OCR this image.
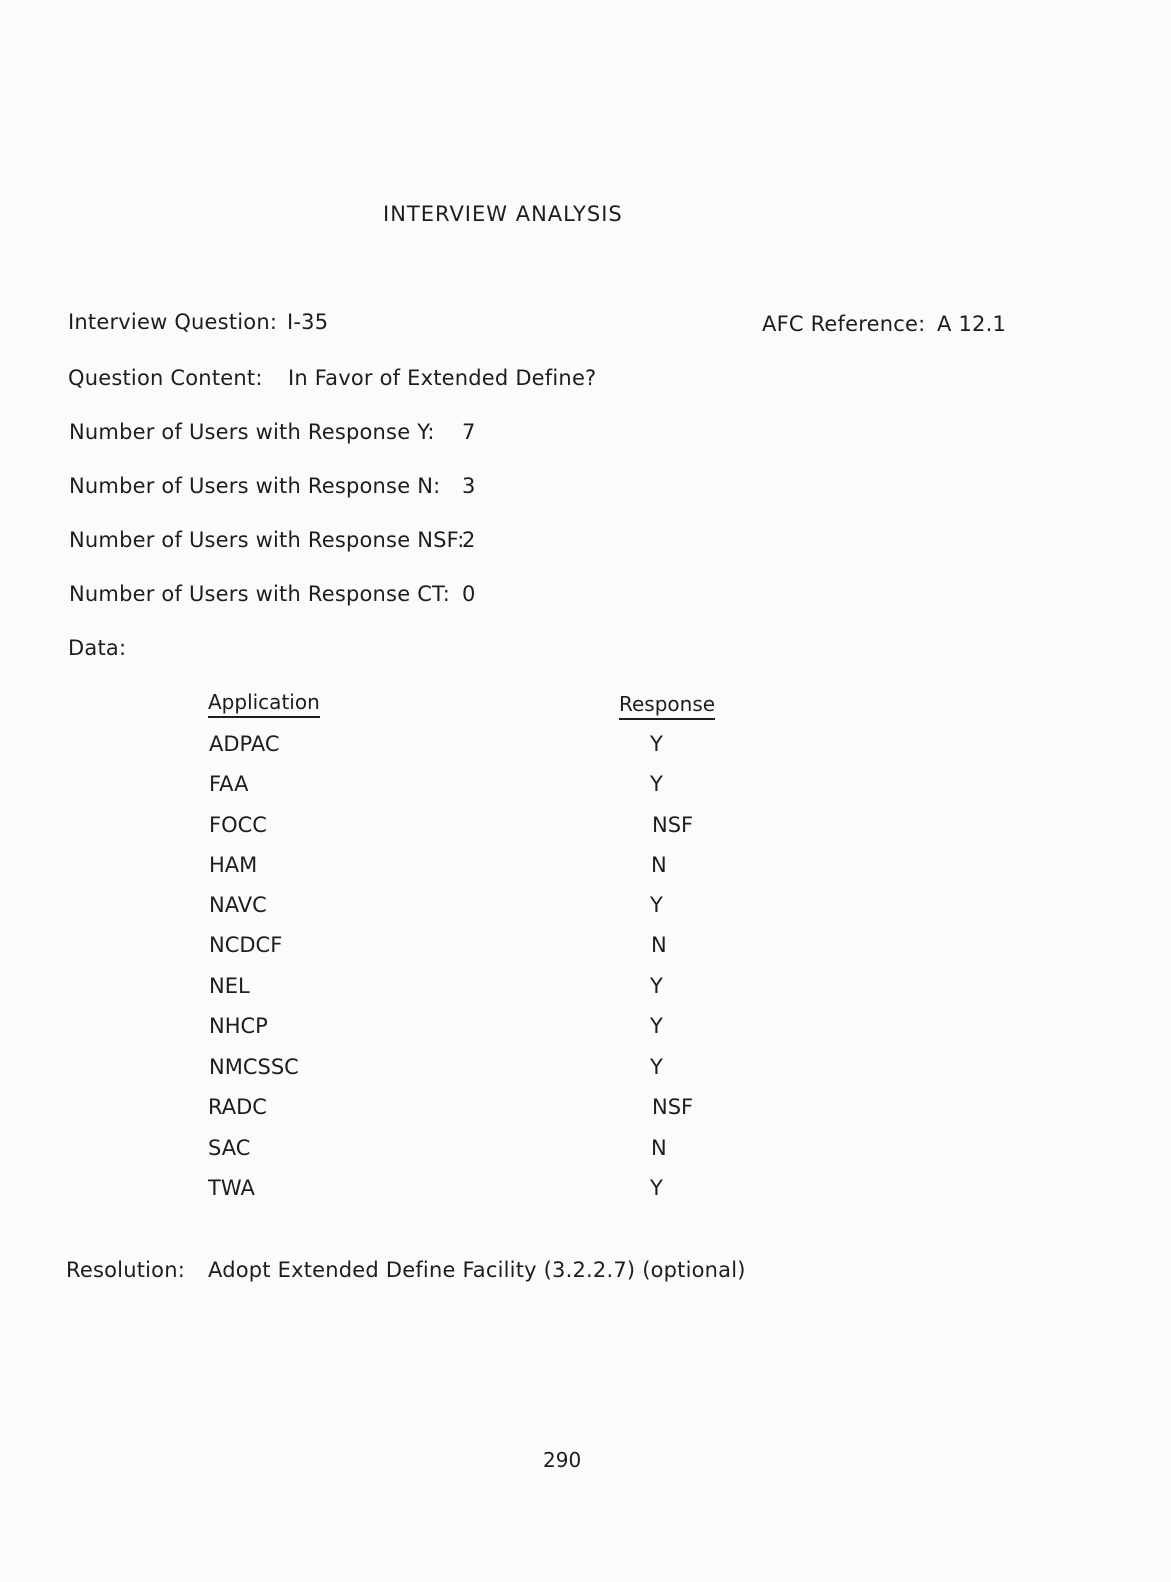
INTERVIEW ANALYSIS
Interview Question: I-35	AFC Reference: A 12.1
Question Content: In Favor of Extended Define?
Number of Users with Response Y: 7
Number of Users with Response N: 3
Number of Users with Response NSF:
2
Number of Users with Response CT: 0
Data:
Application	Response
ADPAC	Y
FAA	Y
FOCC	NSF
HAM	N
NAVC	Y
NCDCF	N
NEL	Y
NHCP	Y
NMCSSC	Y
RADC	NSF
SAC	N
TWA	Y
Resolution: Adopt Extended Define Facility (3.2.2.7) (optional)
290
